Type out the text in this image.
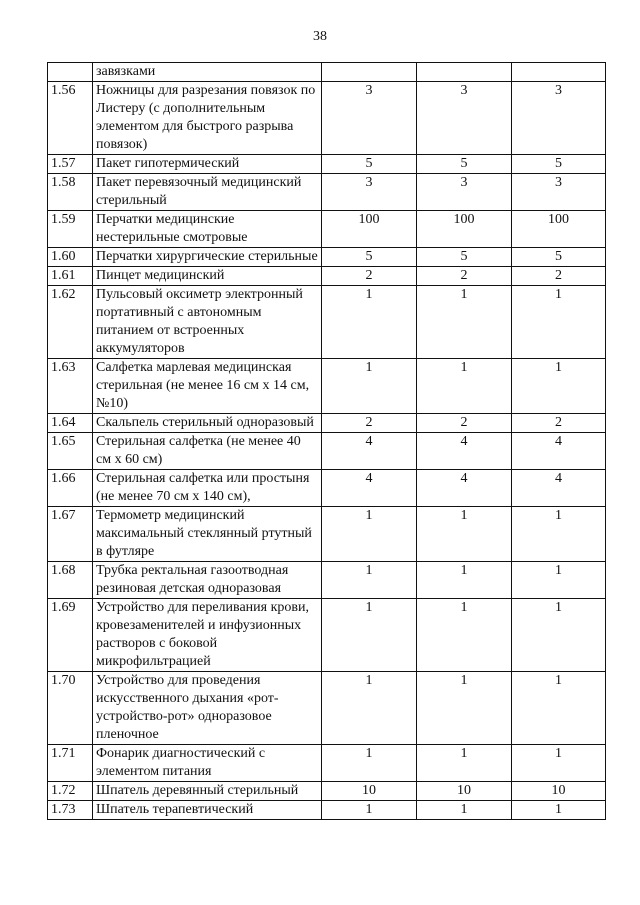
38
	завязками			
1.56	Ножницы для разрезания повязок по Листеру (с дополнительным элементом для быстрого разрыва повязок)	3	3	3
1.57	Пакет гипотермический	5	5	5
1.58	Пакет перевязочный медицинский стерильный	3	3	3
1.59	Перчатки медицинские нестерильные смотровые	100	100	100
1.60	Перчатки хирургические стерильные	5	5	5
1.61	Пинцет медицинский	2	2	2
1.62	Пульсовый оксиметр электронный портативный с автономным питанием от встроенных аккумуляторов	1	1	1
1.63	Салфетка марлевая медицинская стерильная (не менее 16 см х 14 см, №10)	1	1	1
1.64	Скальпель стерильный одноразовый	2	2	2
1.65	Стерильная салфетка (не менее 40 см х 60 см)	4	4	4
1.66	Стерильная салфетка или простыня (не менее 70 см х 140 см),	4	4	4
1.67	Термометр медицинский максимальный стеклянный ртутный в футляре	1	1	1
1.68	Трубка ректальная газоотводная резиновая детская одноразовая	1	1	1
1.69	Устройство для переливания крови, кровезаменителей и инфузионных растворов с боковой микрофильтрацией	1	1	1
1.70	Устройство для проведения искусственного дыхания «рот-устройство-рот» одноразовое пленочное	1	1	1
1.71	Фонарик диагностический с элементом питания	1	1	1
1.72	Шпатель деревянный стерильный	10	10	10
1.73	Шпатель терапевтический	1	1	1
